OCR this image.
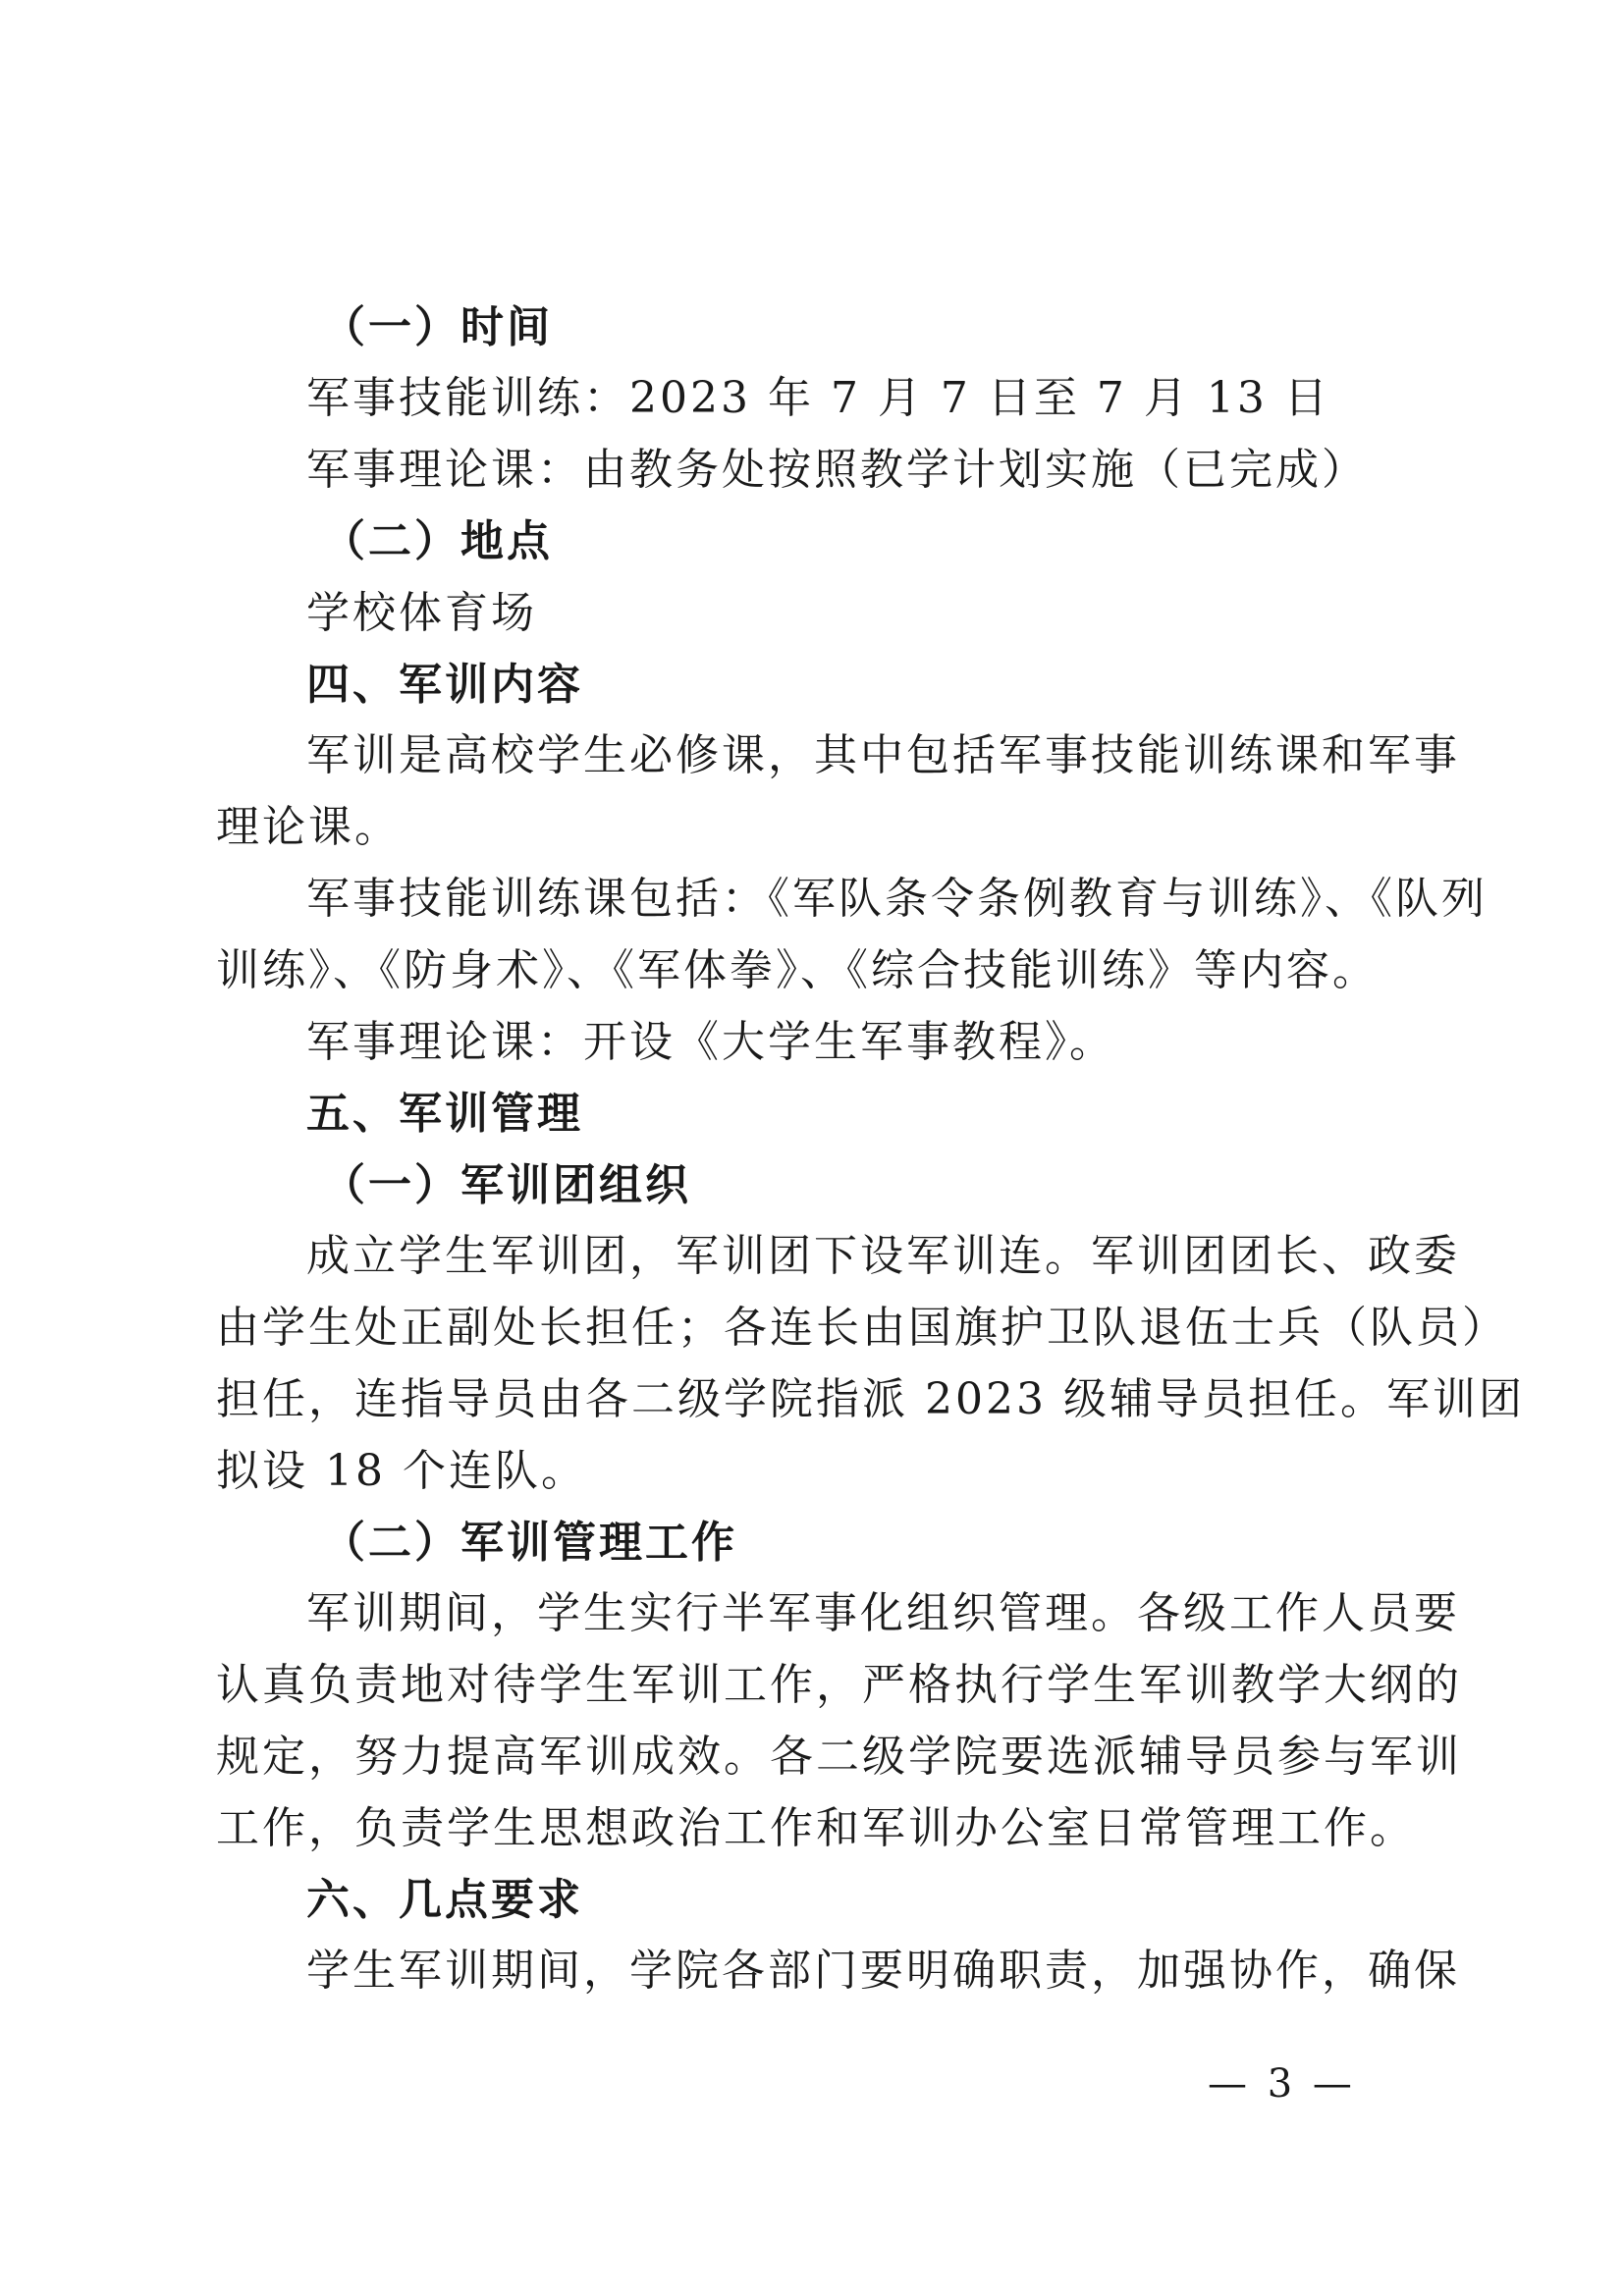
（一）时间
军事技能训练：2023 年 7 月 7 日至 7 月 13 日
军事理论课：由教务处按照教学计划实施（已完成）
（二）地点
学校体育场
四、军训内容
军训是高校学生必修课，其中包括军事技能训练课和军事
理论课。
军事技能训练课包括：《军队条令条例教育与训练》、《队列
训练》、《防身术》、《军体拳》、《综合技能训练》等内容。
军事理论课：开设《大学生军事教程》。
五、军训管理
（一）军训团组织
成立学生军训团，军训团下设军训连。军训团团长、政委
由学生处正副处长担任；各连长由国旗护卫队退伍士兵（队员）
担任，连指导员由各二级学院指派 2023 级辅导员担任。军训团
拟设 18 个连队。
（二）军训管理工作
军训期间，学生实行半军事化组织管理。各级工作人员要
认真负责地对待学生军训工作，严格执行学生军训教学大纲的
规定，努力提高军训成效。各二级学院要选派辅导员参与军训
工作，负责学生思想政治工作和军训办公室日常管理工作。
六、几点要求
学生军训期间，学院各部门要明确职责，加强协作，确保
— 3 —
